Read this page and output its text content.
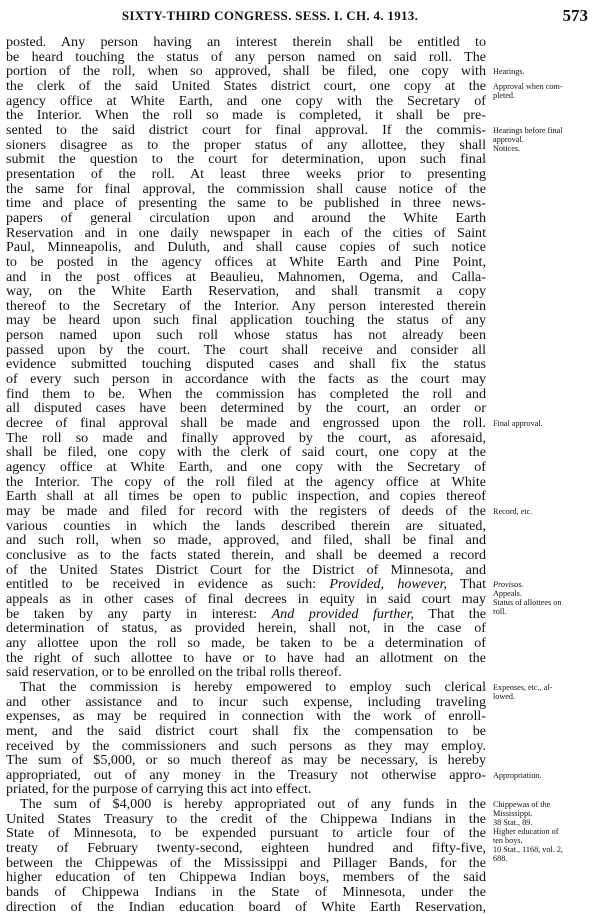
SIXTY-THIRD CONGRESS. SESS. I. CH. 4. 1913.	573
posted. Any person having an interest therein shall be entitled to
be heard touching the status of any person named on said roll. The
portion of the roll, when so approved, shall be filed, one copy with
the clerk of the said United States district court, one copy at the
agency office at White Earth, and one copy with the Secretary of
the Interior. When the roll so made is completed, it shall be pre-
sented to the said district court for final approval. If the commis-
sioners disagree as to the proper status of any allottee, they shall
submit the question to the court for determination, upon such final
presentation of the roll. At least three weeks prior to presenting
the same for final approval, the commission shall cause notice of the
time and place of presenting the same to be published in three news-
papers of general circulation upon and around the White Earth
Reservation and in one daily newspaper in each of the cities of Saint
Paul, Minneapolis, and Duluth, and shall cause copies of such notice
to be posted in the agency offices at White Earth and Pine Point,
and in the post offices at Beaulieu, Mahnomen, Ogema, and Calla-
way, on the White Earth Reservation, and shall transmit a copy
thereof to the Secretary of the Interior. Any person interested therein
may be heard upon such final application touching the status of any
person named upon such roll whose status has not already been
passed upon by the court. The court shall receive and consider all
evidence submitted touching disputed cases and shall fix the status
of every such person in accordance with the facts as the court may
find them to be. When the commission has completed the roll and
all disputed cases have been determined by the court, an order or
decree of final approval shall be made and engrossed upon the roll.
The roll so made and finally approved by the court, as aforesaid,
shall be filed, one copy with the clerk of said court, one copy at the
agency office at White Earth, and one copy with the Secretary of
the Interior. The copy of the roll filed at the agency office at White
Earth shall at all times be open to public inspection, and copies thereof
may be made and filed for record with the registers of deeds of the
various counties in which the lands described therein are situated,
and such roll, when so made, approved, and filed, shall be final and
conclusive as to the facts stated therein, and shall be deemed a record
of the United States District Court for the District of Minnesota, and
entitled to be received in evidence as such: Provided, however, That
appeals as in other cases of final decrees in equity in said court may
be taken by any party in interest: And provided further, That the
determination of status, as provided herein, shall not, in the case of
any allottee upon the roll so made, be taken to be a determination of
the right of such allottee to have or to have had an allotment on the
said reservation, or to be enrolled on the tribal rolls thereof.
That the commission is hereby empowered to employ such clerical
and other assistance and to incur such expense, including traveling
expenses, as may be required in connection with the work of enroll-
ment, and the said district court shall fix the compensation to be
received by the commissioners and such persons as they may employ.
The sum of $5,000, or so much thereof as may be necessary, is hereby
appropriated, out of any money in the Treasury not otherwise appro-
priated, for the purpose of carrying this act into effect.
The sum of $4,000 is hereby appropriated out of any funds in the
United States Treasury to the credit of the Chippewa Indians in the
State of Minnesota, to be expended pursuant to article four of the
treaty of February twenty-second, eighteen hundred and fifty-five,
between the Chippewas of the Mississippi and Pillager Bands, for the
higher education of ten Chippewa Indian boys, members of the said
bands of Chippewa Indians in the State of Minnesota, under the
direction of the Indian education board of White Earth Reservation,
Hearings.
Approval when com-
pleted.
Hearings before final
approval.
Notices.
Final approval.
Record, etc.
Provisos.
Appeals.
Status of allottees on
roll.
Expenses, etc., al-
lowed.
Appropriation.
Chippewas of the
Mississippi.
38 Stat., 89.
Higher education of
ten boys.
10 Stat., 1168, vol. 2,
688.
